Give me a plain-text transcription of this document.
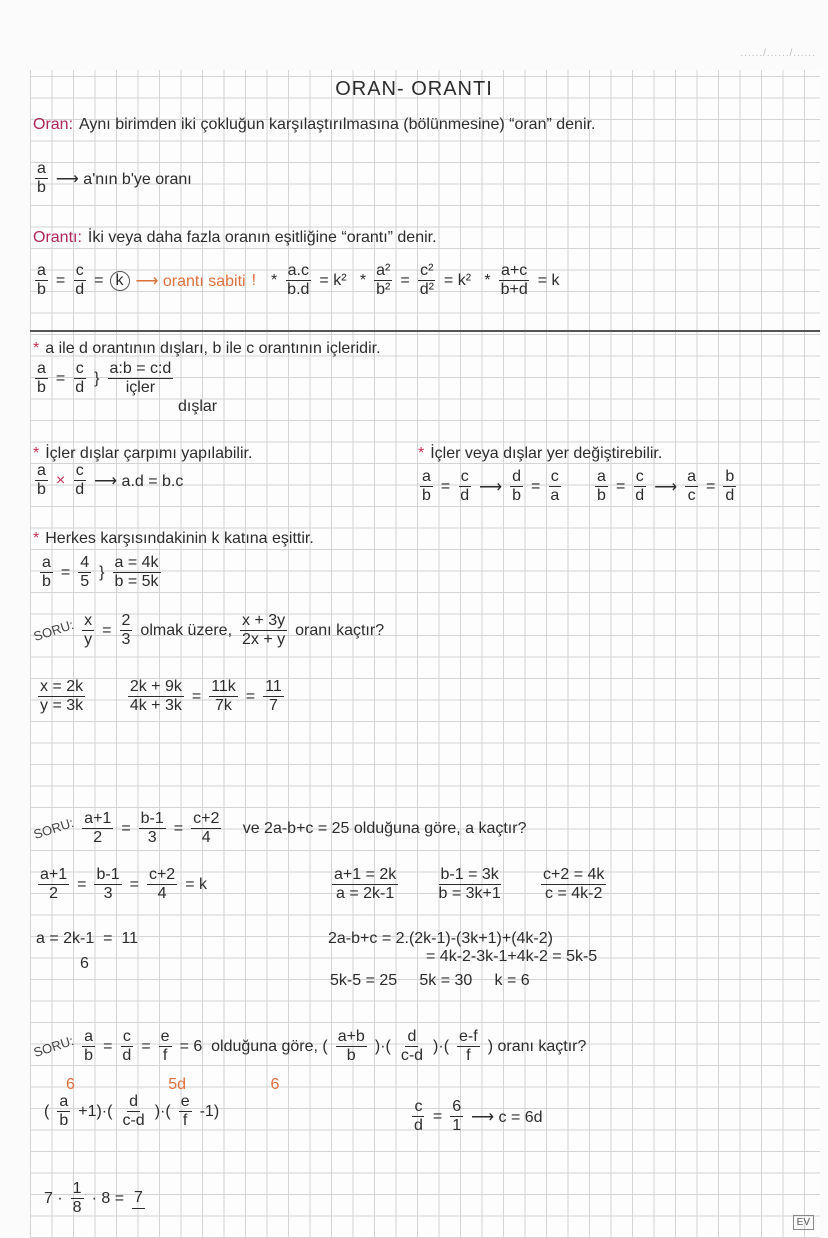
....../....../......
ORAN- ORANTI
Oran: Aynı birimden iki çokluğun karşılaştırılmasına (bölünmesine) “oran” denir.
$\frac{a}{b}$ ⟶ a'nın b'ye oranı
Orantı: İki veya daha fazla oranın eşitliğine “orantı” denir.
$\frac{a}{b} = \frac{c}{d} = k$ ⟶ orantı sabiti ! * $\frac{a.c}{b.d} = k^2 * \frac{\text{a²}}{\text{b²}} = \frac{\text{c²}}{\text{d²}} = k^2 * \frac{a+c}{b+d} = k$
* a ile d orantının dışları, b ile c orantının içleridir.
$\frac{a}{b} = \frac{c}{d}$ } $\frac{a:b = c:d}{\text{içler}}$
dışlar
* İçler dışlar çarpımı yapılabilir.
$\frac{a}{b} \times \frac{c}{d}$ ⟶ a.d = b.c
* İçler veya dışlar yer değiştirebilir.
$\frac{a}{b} = \frac{c}{d}$ ⟶ $\frac{d}{b} = \frac{c}{a}$
$\frac{a}{b} = \frac{c}{d}$ ⟶ $\frac{a}{c} = \frac{b}{d}$
* Herkes karşısındakinin k katına eşittir.
$\frac{a}{b} = \frac{4}{5}$ } $\frac{a = 4k}{b = 5k}$
SORU: $\frac{x}{y} = \frac{2}{3}$ olmak üzere, $\frac{x + 3y}{2x + y}$ oranı kaçtır?
$\frac{x = 2k}{y = 3k}$
	$\frac{2k + 9k}{4k + 3k} = \frac{11k}{7k} = \frac{11}{7}$
SORU: $\frac{a+1}{2} = \frac{b-1}{3} = \frac{c+2}{4}$ ve 2a-b+c = 25 olduğuna göre, a kaçtır?
$\frac{a+1}{2} = \frac{b-1}{3} = \frac{c+2}{4} = k$	$\frac{a+1 = 2k}{a = 2k-1}$
$\frac{b-1 = 3k}{b = 3k+1}$
$\frac{c+2 = 4k}{c = 4k-2}$
a = 2k-1  =  11
6
2a-b+c = 2.(2k-1)-(3k+1)+(4k-2)
= 4k-2-3k-1+4k-2 = 5k-5
5k-5 = 25     5k = 30     k = 6
SORU: $\frac{a}{b} = \frac{c}{d} = \frac{e}{f} = 6$  olduğuna göre, ( $\frac{a+b}{b}$ )·( $\frac{d}{c-d}$ )·( $\frac{e-f}{f}$ ) oranı kaçtır?
6                     5d                   6
( $\frac{a}{b} +1)\cdot( \frac{d}{c-d}$ )·( $\frac{e}{f} -1$)	$\frac{c}{d} = \frac{6}{1}$ ⟶ c = 6d
$7 \cdot \frac{1}{8} \cdot 8 = 7$
EV
